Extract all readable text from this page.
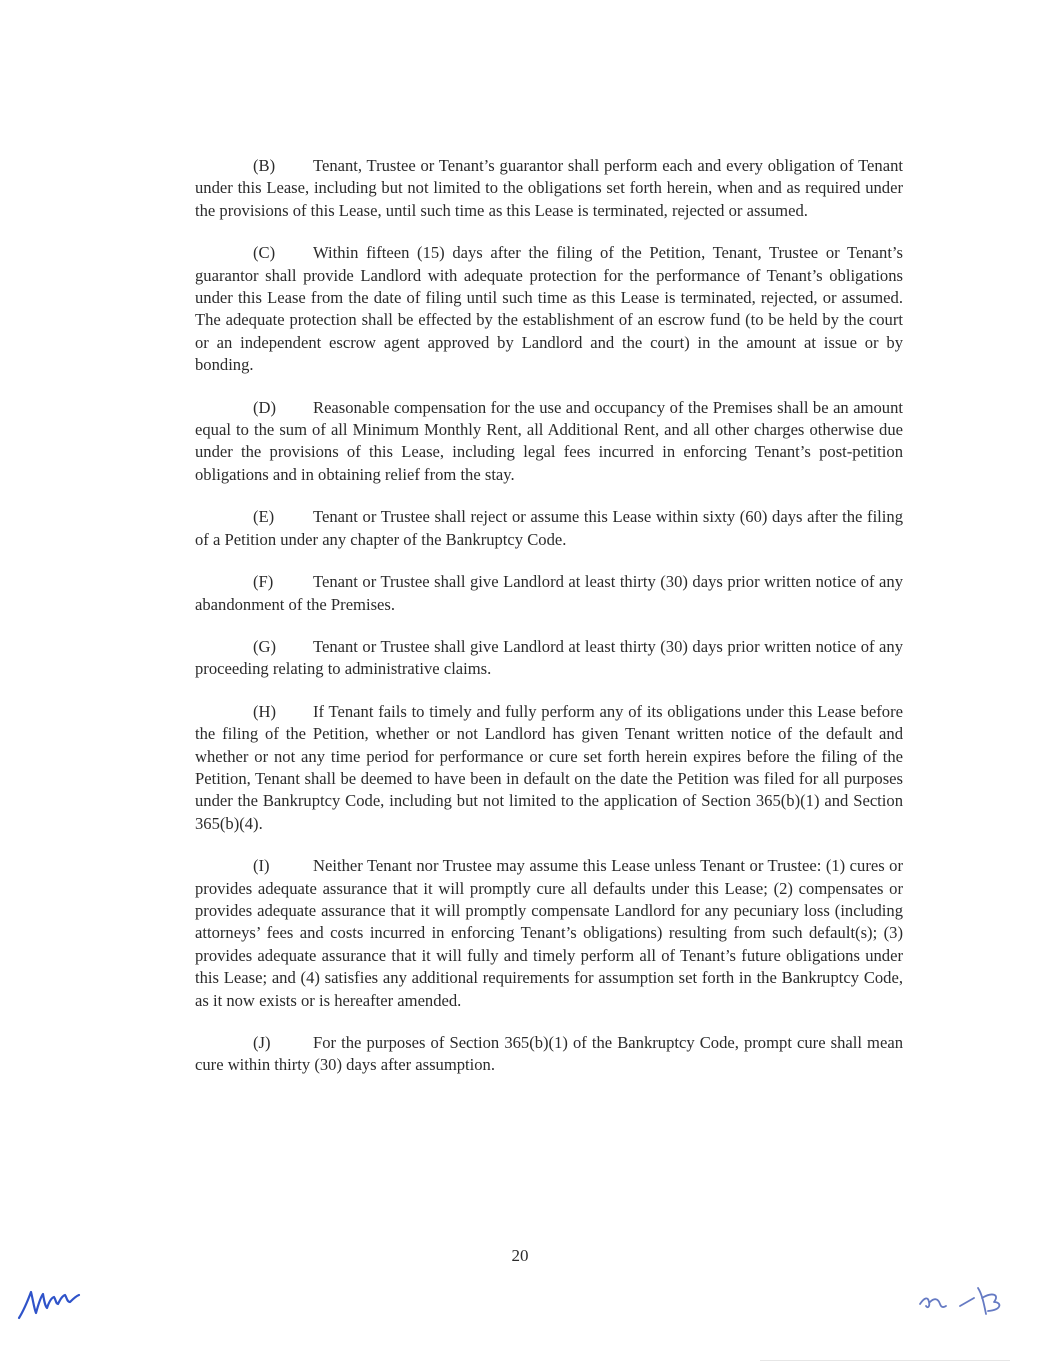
(B) Tenant, Trustee or Tenant’s guarantor shall perform each and every obligation of Tenant under this Lease, including but not limited to the obligations set forth herein, when and as required under the provisions of this Lease, until such time as this Lease is terminated, rejected or assumed.

(C) Within fifteen (15) days after the filing of the Petition, Tenant, Trustee or Tenant’s guarantor shall provide Landlord with adequate protection for the performance of Tenant’s obligations under this Lease from the date of filing until such time as this Lease is terminated, rejected, or assumed. The adequate protection shall be effected by the establishment of an escrow fund (to be held by the court or an independent escrow agent approved by Landlord and the court) in the amount at issue or by bonding.

(D) Reasonable compensation for the use and occupancy of the Premises shall be an amount equal to the sum of all Minimum Monthly Rent, all Additional Rent, and all other charges otherwise due under the provisions of this Lease, including legal fees incurred in enforcing Tenant’s post-petition obligations and in obtaining relief from the stay.

(E) Tenant or Trustee shall reject or assume this Lease within sixty (60) days after the filing of a Petition under any chapter of the Bankruptcy Code.

(F) Tenant or Trustee shall give Landlord at least thirty (30) days prior written notice of any abandonment of the Premises.

(G) Tenant or Trustee shall give Landlord at least thirty (30) days prior written notice of any proceeding relating to administrative claims.

(H) If Tenant fails to timely and fully perform any of its obligations under this Lease before the filing of the Petition, whether or not Landlord has given Tenant written notice of the default and whether or not any time period for performance or cure set forth herein expires before the filing of the Petition, Tenant shall be deemed to have been in default on the date the Petition was filed for all purposes under the Bankruptcy Code, including but not limited to the application of Section 365(b)(1) and Section 365(b)(4).

(I)	Neither Tenant nor Trustee may assume this Lease unless Tenant or Trustee: (1) cures or provides adequate assurance that it will promptly cure all defaults under this Lease; (2) compensates or provides adequate assurance that it will promptly compensate Landlord for any pecuniary loss (including attorneys’ fees and costs incurred in enforcing Tenant’s obligations) resulting from such default(s); (3) provides adequate assurance that it will fully and timely perform all of Tenant’s future obligations under this Lease; and (4) satisfies any additional requirements for assumption set forth in the Bankruptcy Code, as it now exists or is hereafter amended.

(J)	For the purposes of Section 365(b)(1) of the Bankruptcy Code, prompt cure shall mean cure within thirty (30) days after assumption.

20
